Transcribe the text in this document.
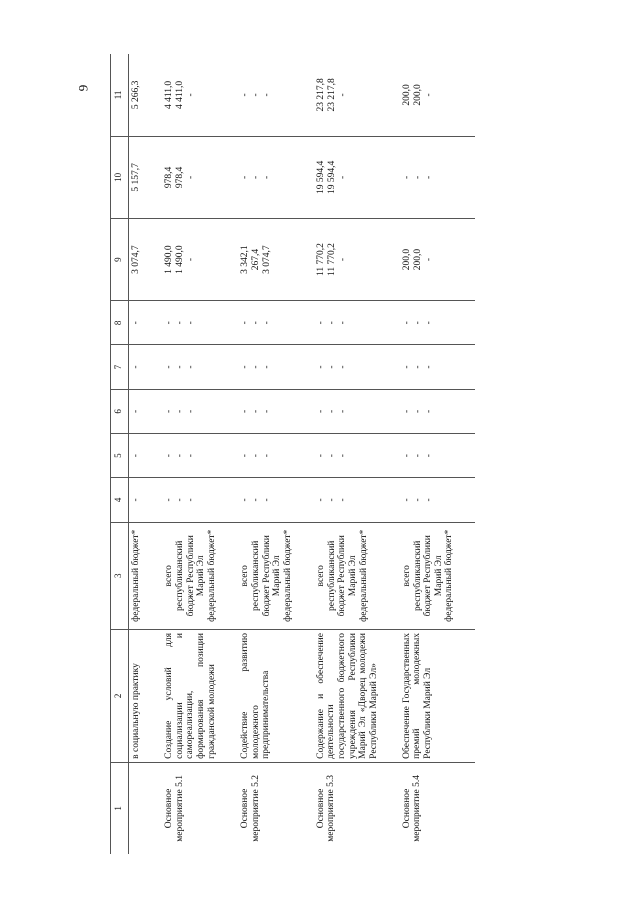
9
1	2	3	4	5	6	7	8	9	10	11
	в социальную практику	федеральный бюджет*	-	-	-	-	-	3 074,7	5 157,7	5 266,3

Основное мероприятие 5.1	Создание условий для социализации и самореализации, формирования позиции гражданской молодежи	всего республиканский бюджет Республики Марий Эл федеральный бюджет*	- - -	- - -	- - -	- - -	- - -	1 490,0 1 490,0 -	978,4 978,4 -	4 411,0 4 411,0 -

Основное мероприятие 5.2	Содействие развитию молодежного предпринимательства	всего республиканский бюджет Республики Марий Эл федеральный бюджет*	- - -	- - -	- - -	- - -	- - -	3 342,1 267,4 3 074,7	- - -	- - -

Основное мероприятие 5.3	Содержание и обеспечение деятельности государственного бюджетного учреждения Республики Марий Эл «Дворец молодежи Республики Марий Эл»	всего республиканский бюджет Республики Марий Эл федеральный бюджет*	- - -	- - -	- - -	- - -	- - -	11 770,2 11 770,2 -	19 594,4 19 594,4 -	23 217,8 23 217,8 -

Основное мероприятие 5.4	Обеспечение Государственных премий молодежных Республики Марий Эл	всего республиканский бюджет Республики Марий Эл федеральный бюджет*	- - -	- - -	- - -	- - -	- - -	200,0 200,0 -	- - -	200,0 200,0 -
